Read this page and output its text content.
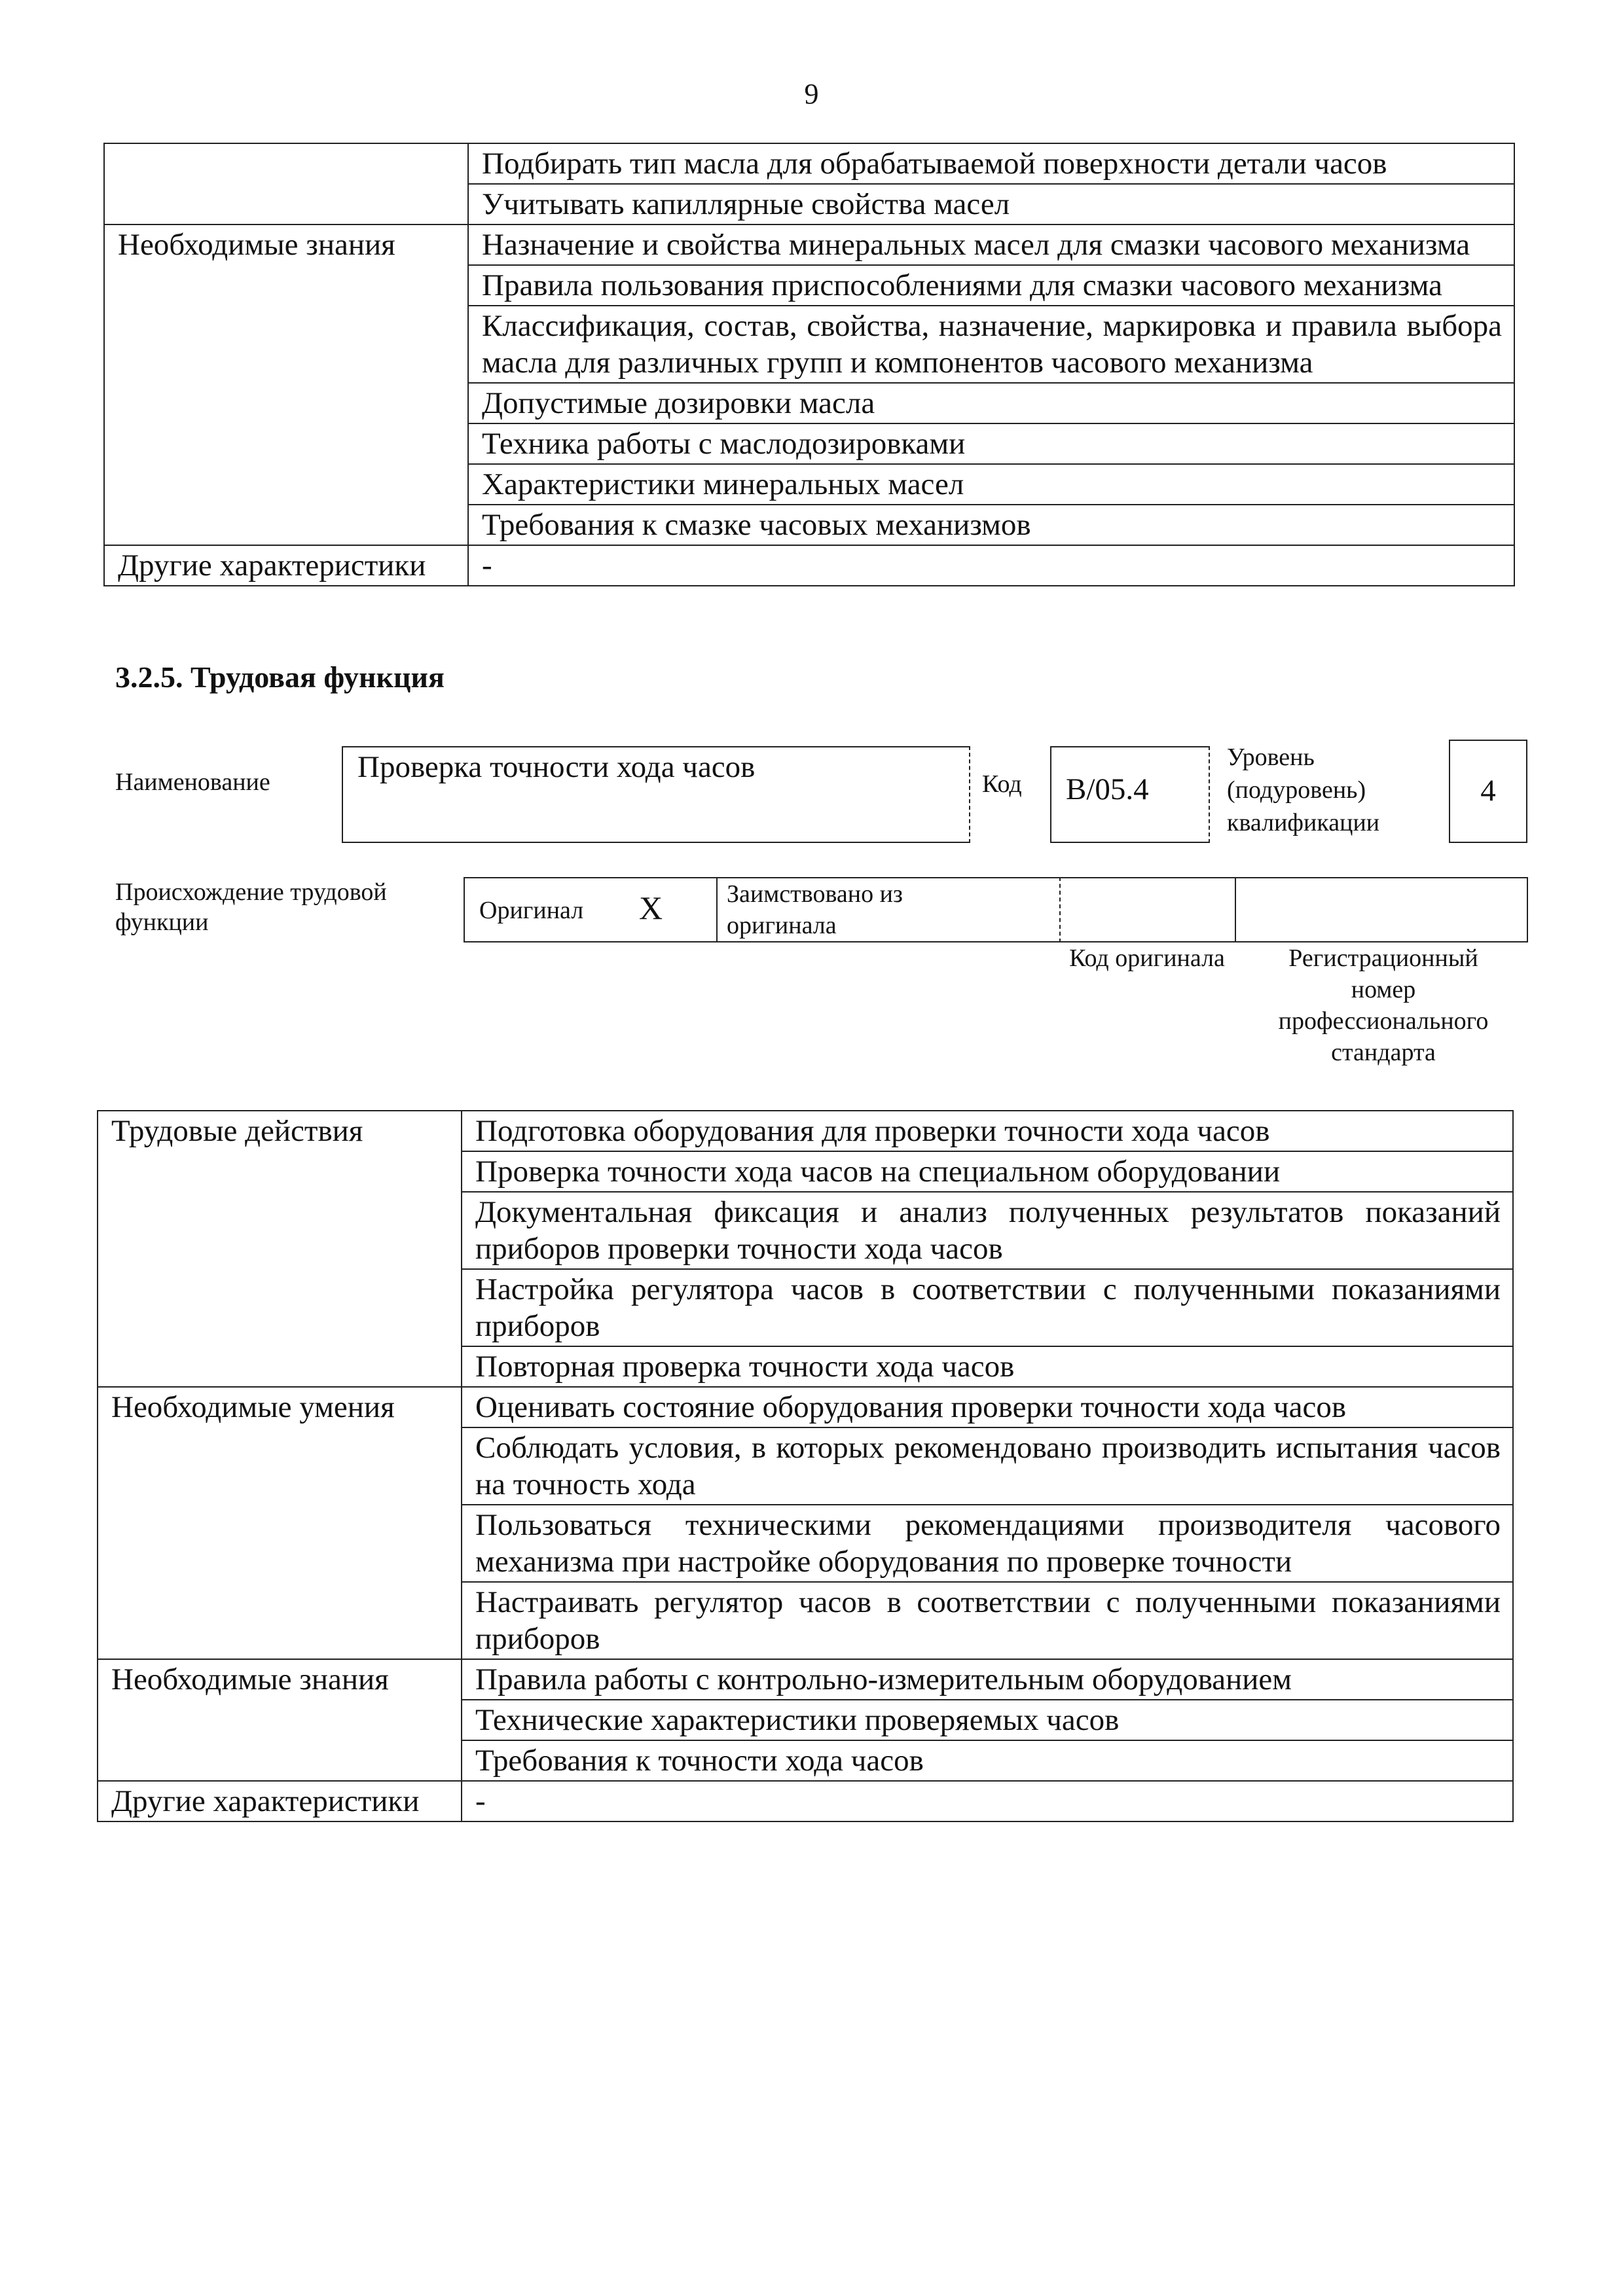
9
	Подбирать тип масла для обрабатываемой поверхности детали часов
	Учитывать капиллярные свойства масел
Необходимые знания	Назначение и свойства минеральных масел для смазки часового механизма
	Правила пользования приспособлениями для смазки часового механизма
	Классификация, состав, свойства, назначение, маркировка и правила выбора масла для различных групп и компонентов часового механизма
	Допустимые дозировки масла
	Техника работы с маслодозировками
	Характеристики минеральных масел
	Требования к смазке часовых механизмов
Другие характеристики	-
3.2.5. Трудовая функция
Наименование	Проверка точности хода часов	Код	B/05.4
Уровень (подуровень) квалификации
4
Происхождение трудовой функции	Оригинал X	Заимствовано из оригинала
Код оригинала	Регистрационный номер профессионального стандарта
Трудовые действия	Подготовка оборудования для проверки точности хода часов
	Проверка точности хода часов на специальном оборудовании
	Документальная фиксация и анализ полученных результатов показаний приборов проверки точности хода часов
	Настройка регулятора часов в соответствии с полученными показаниями приборов
	Повторная проверка точности хода часов
Необходимые умения	Оценивать состояние оборудования проверки точности хода часов
	Соблюдать условия, в которых рекомендовано производить испытания часов на точность хода
	Пользоваться техническими рекомендациями производителя часового механизма при настройке оборудования по проверке точности
	Настраивать регулятор часов в соответствии с полученными показаниями приборов
Необходимые знания	Правила работы с контрольно-измерительным оборудованием
	Технические характеристики проверяемых часов
	Требования к точности хода часов
Другие характеристики	-
